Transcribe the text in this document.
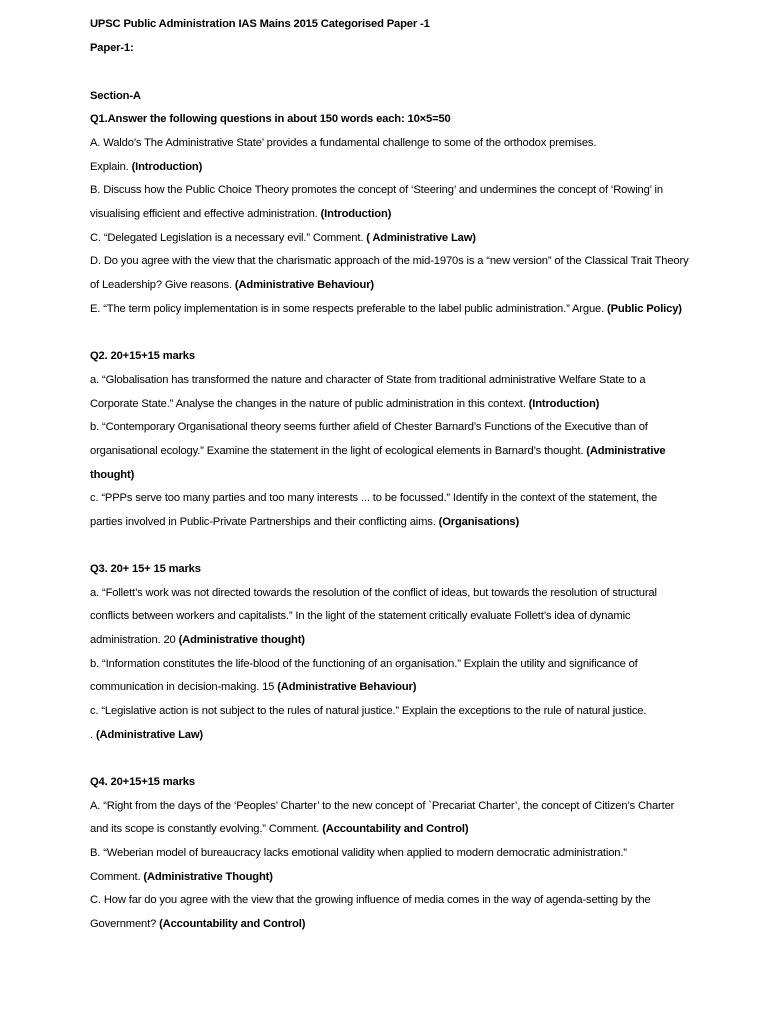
UPSC Public Administration IAS Mains 2015 Categorised Paper -1
Paper-1:
Section-A
Q1.Answer the following questions in about 150 words each: 10×5=50
A. Waldo’s The Administrative State’ provides a fundamental challenge to some of the orthodox premises.
Explain. (Introduction)
B. Discuss how the Public Choice Theory promotes the concept of ‘Steering’ and undermines the concept of ‘Rowing’ in
visualising efficient and effective administration. (Introduction)
C. “Delegated Legislation is a necessary evil.” Comment. ( Administrative Law)
D. Do you agree with the view that the charismatic approach of the mid-1970s is a “new version” of the Classical Trait Theory
of Leadership? Give reasons. (Administrative Behaviour)
E. “The term policy implementation is in some respects preferable to the label public administration.” Argue. (Public Policy)
Q2. 20+15+15 marks
a. “Globalisation has transformed the nature and character of State from traditional administrative Welfare State to a
Corporate State.” Analyse the changes in the nature of public administration in this context. (Introduction)
b. “Contemporary Organisational theory seems further afield of Chester Barnard’s Functions of the Executive than of
organisational ecology.” Examine the statement in the light of ecological elements in Barnard’s thought. (Administrative
thought)
c. “PPPs serve too many parties and too many interests ... to be focussed.” Identify in the context of the statement, the
parties involved in Public-Private Partnerships and their conflicting aims. (Organisations)
Q3. 20+ 15+ 15 marks
a. “Follett’s work was not directed towards the resolution of the conflict of ideas, but towards the resolution of structural
conflicts between workers and capitalists.” In the light of the statement critically evaluate Follett’s idea of dynamic
administration. 20 (Administrative thought)
b. “Information constitutes the life-blood of the functioning of an organisation.” Explain the utility and significance of
communication in decision-making. 15 (Administrative Behaviour)
c. “Legislative action is not subject to the rules of natural justice.” Explain the exceptions to the rule of natural justice.
. (Administrative Law)
Q4. 20+15+15 marks
A. “Right from the days of the ‘Peoples’ Charter’ to the new concept of `Precariat Charter’, the concept of Citizen’s Charter
and its scope is constantly evolving.” Comment. (Accountability and Control)
B. “Weberian model of bureaucracy lacks emotional validity when applied to modern democratic administration.”
Comment. (Administrative Thought)
C. How far do you agree with the view that the growing influence of media comes in the way of agenda-setting by the
Government? (Accountability and Control)
